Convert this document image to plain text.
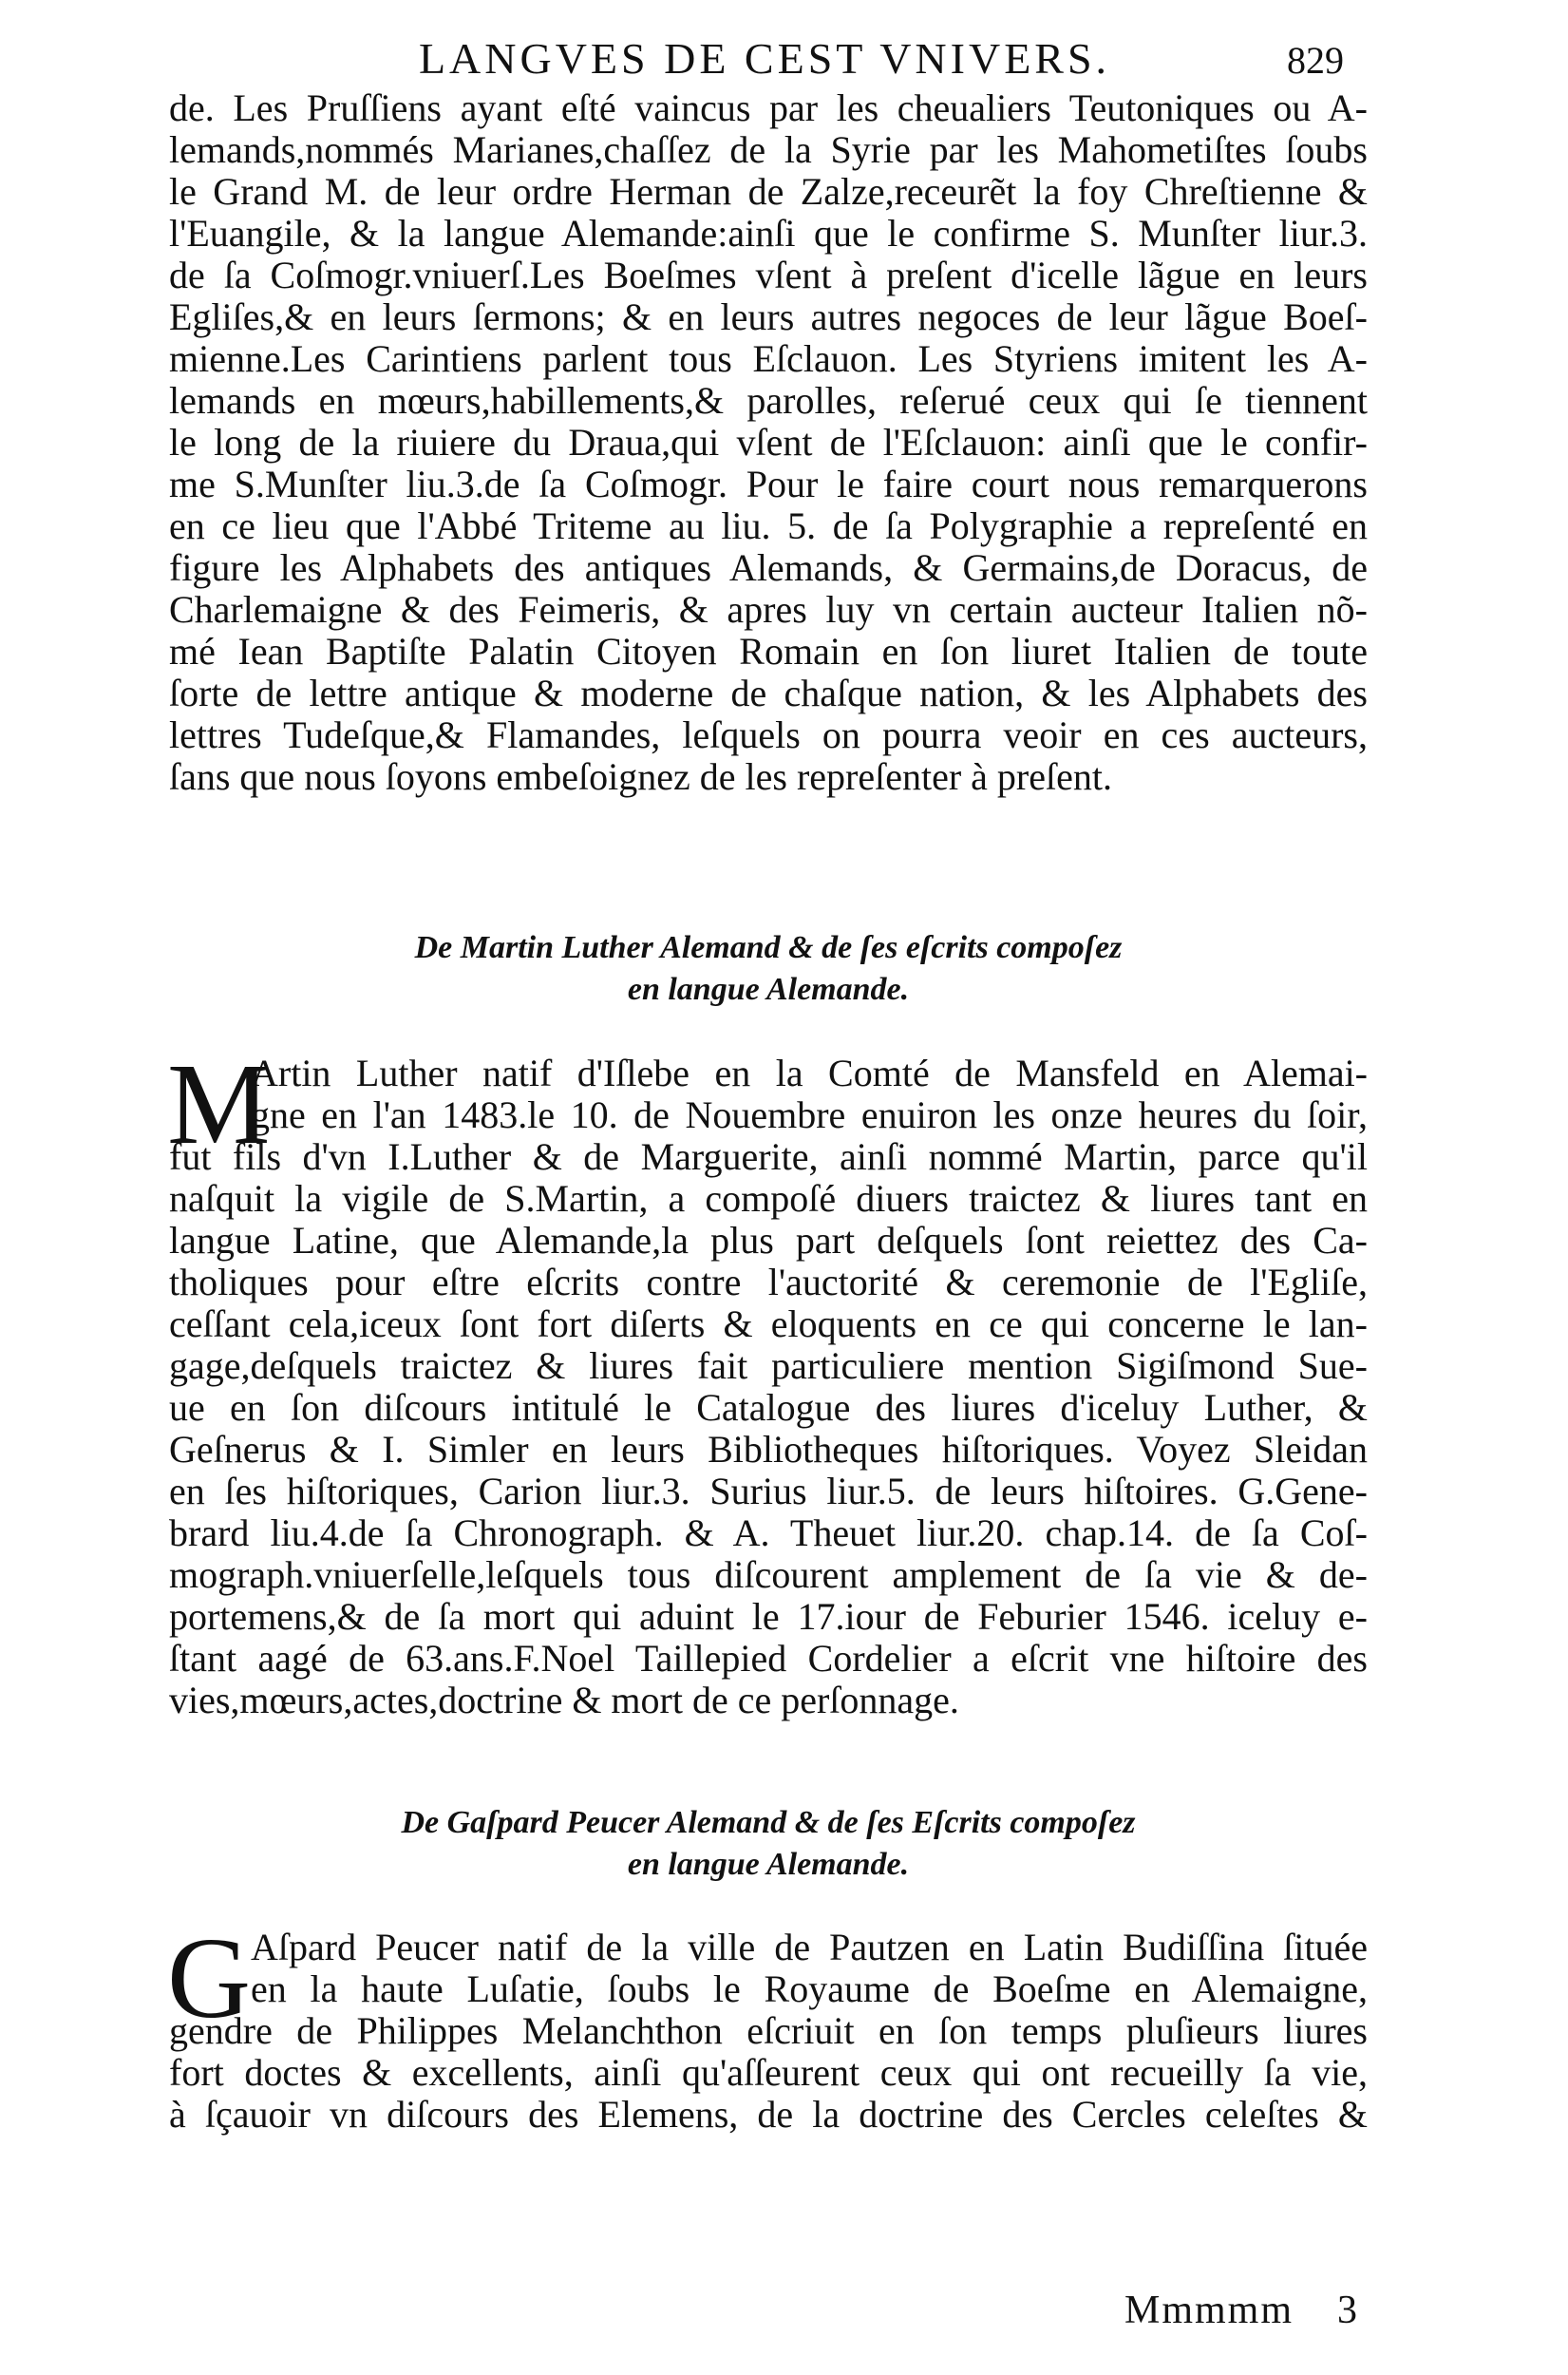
LANGVES DE CEST VNIVERS.	829
de. Les Pruſſiens ayant eſté vaincus par les cheualiers Teutoniques ou A-
lemands,nommés Marianes,chaſſez de la Syrie par les Mahometiſtes ſoubs
le Grand M. de leur ordre Herman de Zalze,receurẽt la foy Chreſtienne &
l'Euangile, & la langue Alemande:ainſi que le confirme S. Munſter liur.3.
de ſa Coſmogr.vniuerſ.Les Boeſmes vſent à preſent d'icelle lãgue en leurs
Egliſes,& en leurs ſermons; & en leurs autres negoces de leur lãgue Boeſ-
mienne.Les Carintiens parlent tous Eſclauon. Les Styriens imitent les A-
lemands en mœurs,habillements,& parolles, reſerué ceux qui ſe tiennent
le long de la riuiere du Draua,qui vſent de l'Eſclauon: ainſi que le confir-
me S.Munſter liu.3.de ſa Coſmogr. Pour le faire court nous remarquerons
en ce lieu que l'Abbé Triteme au liu. 5. de ſa Polygraphie a repreſenté en
figure les Alphabets des antiques Alemands, & Germains,de Doracus, de
Charlemaigne & des Feimeris, & apres luy vn certain aucteur Italien nõ-
mé Iean Baptiſte Palatin Citoyen Romain en ſon liuret Italien de toute
ſorte de lettre antique & moderne de chaſque nation, & les Alphabets des
lettres Tudeſque,& Flamandes, leſquels on pourra veoir en ces aucteurs,
ſans que nous ſoyons embeſoignez de les repreſenter à preſent.
De Martin Luther Alemand & de ſes eſcrits compoſez
en langue Alemande.
M
Artin Luther natif d'Iſlebe en la Comté de Mansfeld en Alemai-
gne en l'an 1483.le 10. de Nouembre enuiron les onze heures du ſoir,
fut fils d'vn I.Luther & de Marguerite, ainſi nommé Martin, parce qu'il
naſquit la vigile de S.Martin, a compoſé diuers traictez & liures tant en
langue Latine, que Alemande,la plus part deſquels ſont reiettez des Ca-
tholiques pour eſtre eſcrits contre l'auctorité & ceremonie de l'Egliſe,
ceſſant cela,iceux ſont fort diſerts & eloquents en ce qui concerne le lan-
gage,deſquels traictez & liures fait particuliere mention Sigiſmond Sue-
ue en ſon diſcours intitulé le Catalogue des liures d'iceluy Luther, &
Geſnerus & I. Simler en leurs Bibliotheques hiſtoriques. Voyez Sleidan
en ſes hiſtoriques, Carion liur.3. Surius liur.5. de leurs hiſtoires. G.Gene-
brard liu.4.de ſa Chronograph. & A. Theuet liur.20. chap.14. de ſa Coſ-
mograph.vniuerſelle,leſquels tous diſcourent amplement de ſa vie & de-
portemens,& de ſa mort qui aduint le 17.iour de Feburier 1546. iceluy e-
ſtant aagé de 63.ans.F.Noel Taillepied Cordelier a eſcrit vne hiſtoire des
vies,mœurs,actes,doctrine & mort de ce perſonnage.
De Gaſpard Peucer Alemand & de ſes Eſcrits compoſez
en langue Alemande.
G Aſpard Peucer natif de la ville de Pautzen en Latin Budiſſina ſituée
en la haute Luſatie, ſoubs le Royaume de Boeſme en Alemaigne,
gendre de Philippes Melanchthon eſcriuit en ſon temps pluſieurs liures
fort doctes & excellents, ainſi qu'aſſeurent ceux qui ont recueilly ſa vie,
à ſçauoir vn diſcours des Elemens, de la doctrine des Cercles celeſtes &
Mmmmm 3
